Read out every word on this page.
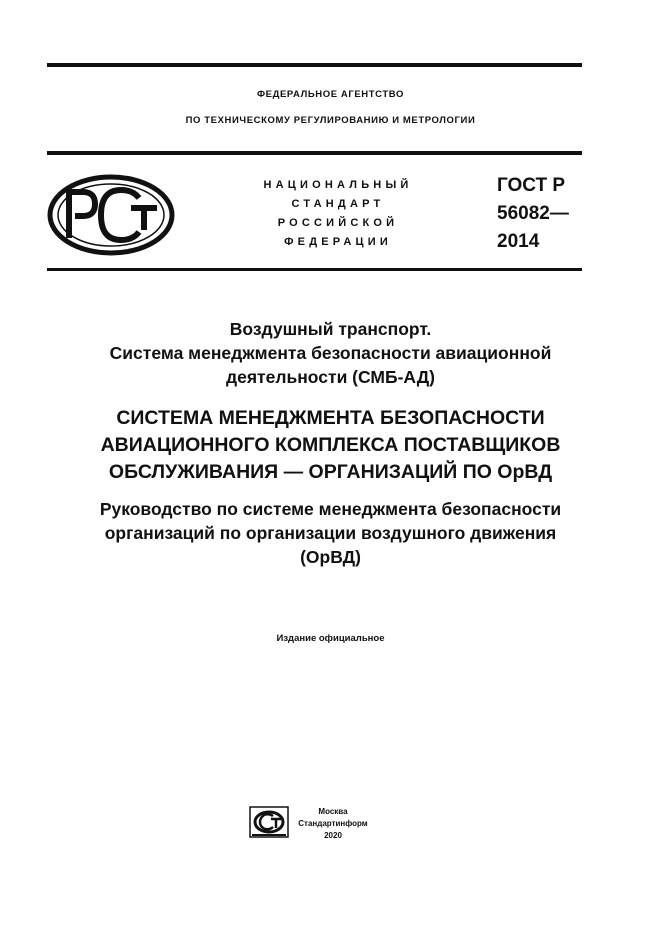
ФЕДЕРАЛЬНОЕ АГЕНТСТВО
ПО ТЕХНИЧЕСКОМУ РЕГУЛИРОВАНИЮ И МЕТРОЛОГИИ
НАЦИОНАЛЬНЫЙ
СТАНДАРТ
РОССИЙСКОЙ
ФЕДЕРАЦИИ
ГОСТ Р
56082—
2014
Воздушный транспорт.
Система менеджмента безопасности авиационной
деятельности (СМБ-АД)
СИСТЕМА МЕНЕДЖМЕНТА БЕЗОПАСНОСТИ
АВИАЦИОННОГО КОМПЛЕКСА ПОСТАВЩИКОВ
ОБСЛУЖИВАНИЯ — ОРГАНИЗАЦИЙ ПО ОрВД
Руководство по системе менеджмента безопасности
организаций по организации воздушного движения
(ОрВД)
Издание официальное
Москва
Стандартинформ
2020
